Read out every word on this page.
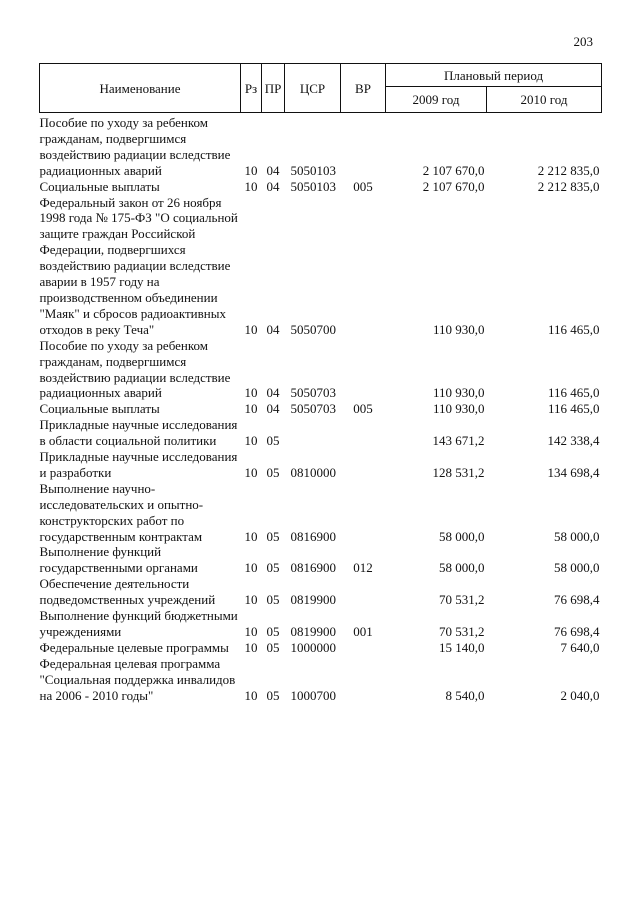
203
Наименование	Рз	ПР	ЦСР	ВР	Плановый период	
					2009 год	2010 год
Пособие по уходу за ребенком гражданам, подвергшимся воздействию радиации вследствие радиационных аварий	10	04	5050103		2 107 670,0	2 212 835,0
Социальные выплаты	10	04	5050103	005	2 107 670,0	2 212 835,0
Федеральный закон от 26 ноября 1998 года № 175-ФЗ "О социальной защите граждан Российской Федерации, подвергшихся воздействию радиации вследствие аварии в 1957 году на производственном объединении "Маяк" и сбросов радиоактивных отходов в реку Теча"	10	04	5050700		110 930,0	116 465,0
Пособие по уходу за ребенком гражданам, подвергшимся воздействию радиации вследствие радиационных аварий	10	04	5050703		110 930,0	116 465,0
Социальные выплаты	10	04	5050703	005	110 930,0	116 465,0
Прикладные научные исследования в области социальной политики	10	05			143 671,2	142 338,4
Прикладные научные исследования и разработки	10	05	0810000		128 531,2	134 698,4
Выполнение научно-исследовательских и опытно-конструкторских работ по государственным контрактам	10	05	0816900		58 000,0	58 000,0
Выполнение функций государственными органами	10	05	0816900	012	58 000,0	58 000,0
Обеспечение деятельности подведомственных учреждений	10	05	0819900		70 531,2	76 698,4
Выполнение функций бюджетными учреждениями	10	05	0819900	001	70 531,2	76 698,4
Федеральные целевые программы	10	05	1000000		15 140,0	7 640,0
Федеральная целевая программа "Социальная поддержка инвалидов на 2006 - 2010 годы"	10	05	1000700		8 540,0	2 040,0
